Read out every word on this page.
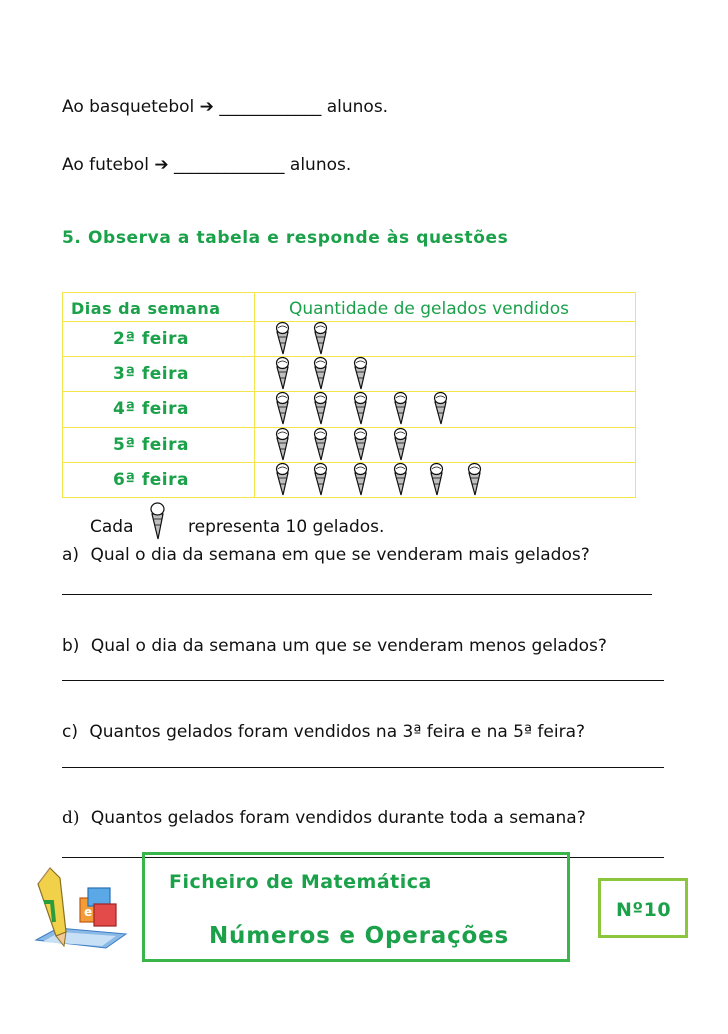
Ao basquetebol ➔ ____________ alunos.
Ao futebol ➔ _____________ alunos.
5. Observa a tabela e responde às questões
Dias da semana	Quantidade de gelados vendidos
2ª feira
3ª feira
4ª feira
5ª feira
6ª feira
Cada	representa 10 gelados.
a) Qual o dia da semana em que se venderam mais gelados?
b) Qual o dia da semana um que se venderam menos gelados?
c) Quantos gelados foram vendidos na 3ª feira e na 5ª feira?
d) Quantos gelados foram vendidos durante toda a semana?
e
Ficheiro de Matemática
Números e Operações
Nº10
